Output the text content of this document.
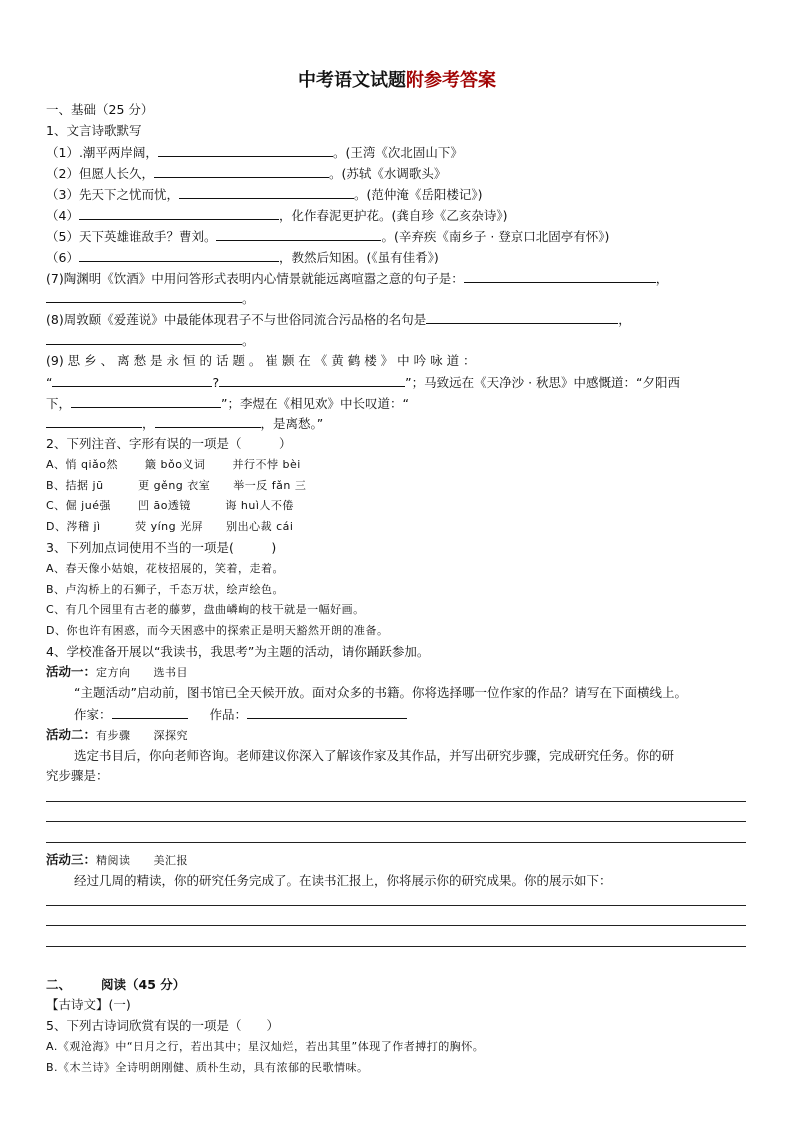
中考语文试题附参考答案
一、基础（25 分）
1、文言诗歌默写
（1）.潮平两岸阔，	。(王湾《次北固山下》
（2）但愿人长久，	。(苏轼《水调歌头》
（3）先天下之忧而忧，	。(范仲淹《岳阳楼记》)
（4）	，化作春泥更护花。(龚自珍《乙亥杂诗》)
（5）天下英雄谁敌手？曹刘。	。(辛弃疾《南乡子 · 登京口北固亭有怀》)
（6）	，教然后知困。(《虽有佳肴》)
(7)陶渊明《饮酒》中用问答形式表明内心情景就能远离喧嚣之意的句子是：	，
。
(8)周敦颐《爱莲说》中最能体现君子不与世俗同流合污品格的名句是	，
。
(9) 思 乡 、 离 愁 是 永 恒 的 话 题 。 崔 颢 在 《 黄 鹤 楼 》 中 吟 咏 道 ：
“	?	”；马致远在《天净沙 · 秋思》中感慨道：“夕阳西
下，	”；李煜在《相见欢》中长叹道：“
，	，是离愁。”
2、下列注音、字形有误的一项是（　　　）
A、悄 qiǎo然　　 簸 bǒo义词　　 并行不悖 bèi
B、拮据 jū　　　更 gěng 衣室　　举一反 fǎn 三
C、倔 jué强　　 凹 āo透镜　　　诲 huì人不倦
D、涔稽 jì　　　荧 yíng 光屏　　别出心裁 cái
3、下列加点词使用不当的一项是(　　　)
A、春天像小姑娘，花枝招展的，笑着，走着。
B、卢沟桥上的石狮子，千态万状，绘声绘色。
C、有几个园里有古老的藤萝，盘曲嶙峋的枝干就是一幅好画。
D、你也许有困惑，而今天困惑中的探索正是明天豁然开朗的准备。
4、学校准备开展以“我读书，我思考”为主题的活动，请你踊跃参加。
活动一：定方向　　选书目
“主题活动”启动前，图书馆已全天候开放。面对众多的书籍。你将选择哪一位作家的作品？请写在下面横线上。
作家：	作品：
活动二：有步骤　　深探究
选定书目后，你向老师咨询。老师建议你深入了解该作家及其作品，并写出研究步骤，完成研究任务。你的研
究步骤是：
活动三：精阅读　　美汇报
经过几周的精读，你的研究任务完成了。在读书汇报上，你将展示你的研究成果。你的展示如下：
二、 阅读（45 分）
【古诗文】(一)
5、下列古诗词欣赏有误的一项是（　　）
A.《观沧海》中“日月之行，若出其中；星汉灿烂，若出其里”体现了作者搏打的胸怀。
B.《木兰诗》全诗明朗刚健、质朴生动，具有浓郁的民歌情味。
